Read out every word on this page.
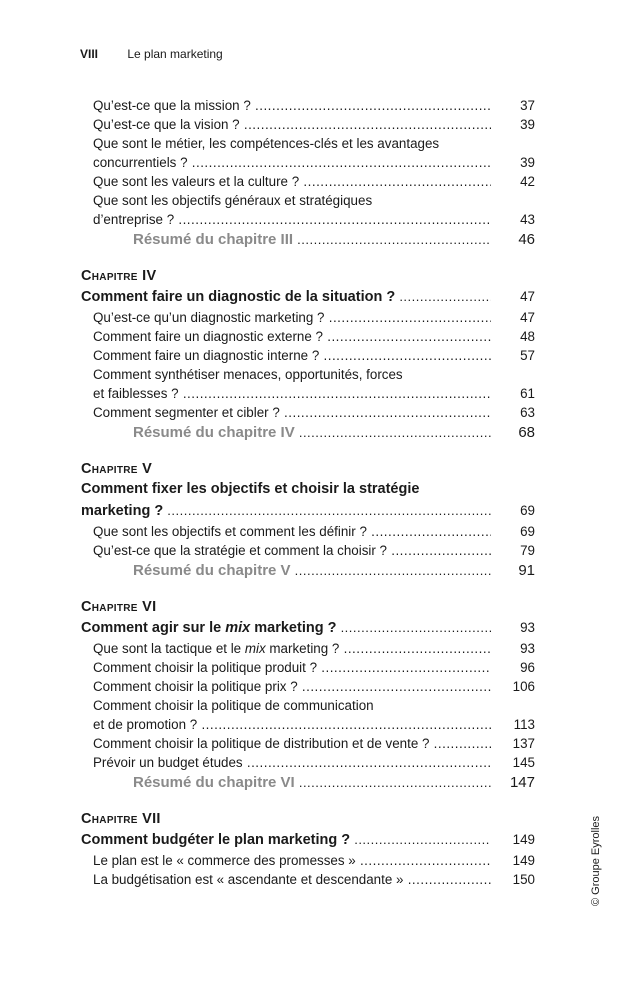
VIII Le plan marketing
Qu’est-ce que la mission ? .....	37
Qu’est-ce que la vision ? .....	39
Que sont le métier, les compétences-clés et les avantages
concurrentiels ? .....	39
Que sont les valeurs et la culture ? .....	42
Que sont les objectifs généraux et stratégiques
d’entreprise ? .....	43
Résumé du chapitre III .....	46
Chapitre IV
Comment faire un diagnostic de la situation ? .....	47
Qu’est-ce qu’un diagnostic marketing ? .....	47
Comment faire un diagnostic externe ? .....	48
Comment faire un diagnostic interne ? .....	57
Comment synthétiser menaces, opportunités, forces
et faiblesses ? .....	61
Comment segmenter et cibler ? .....	63
Résumé du chapitre IV .....	68
Chapitre V
Comment fixer les objectifs et choisir la stratégie
marketing ? .....	69
Que sont les objectifs et comment les définir ? .....	69
Qu’est-ce que la stratégie et comment la choisir ? .....	79
Résumé du chapitre V .....	91
Chapitre VI
Comment agir sur le mix marketing ? .....	93
Que sont la tactique et le mix marketing ? .....	93
Comment choisir la politique produit ? .....	96
Comment choisir la politique prix ? .....	106
Comment choisir la politique de communication
et de promotion ? .....	113
Comment choisir la politique de distribution et de vente ? .....	137
Prévoir un budget études .....	145
Résumé du chapitre VI .....	147
Chapitre VII
Comment budgéter le plan marketing ? .....	149
Le plan est le « commerce des promesses » .....	149
La budgétisation est « ascendante et descendante » .....	150	© Groupe Eyrolles
